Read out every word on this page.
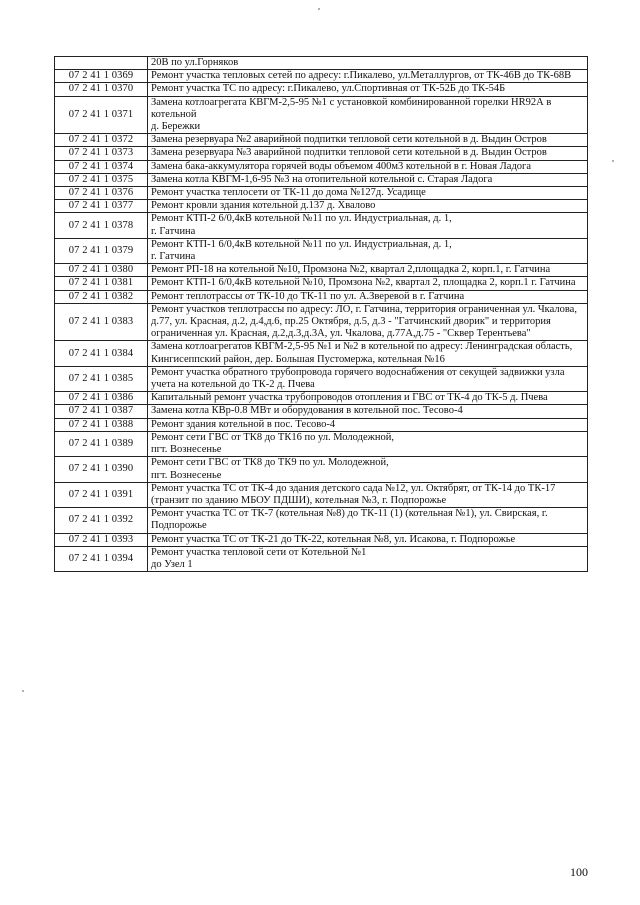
	20В по ул.Горняков
07 2 41 1 0369	Ремонт участка тепловых сетей по адресу: г.Пикалево, ул.Металлургов, от ТК-46В до ТК-68В
07 2 41 1 0370	Ремонт участка ТС по адресу: г.Пикалево, ул.Спортивная от ТК-52Б до ТК-54Б
07 2 41 1 0371	Замена котлоагрегата КВГМ-2,5-95 №1 с установкой комбинированной горелки HR92А в котельной
д. Бережки
07 2 41 1 0372	Замена резервуара №2 аварийной подпитки тепловой сети котельной в д. Выдин Остров
07 2 41 1 0373	Замена резервуара №3 аварийной подпитки тепловой сети котельной в д. Выдин Остров
07 2 41 1 0374	Замена бака-аккумулятора горячей воды объемом 400м3 котельной в г. Новая Ладога
07 2 41 1 0375	Замена котла КВГМ-1,6-95 №3 на отопительной котельной с. Старая Ладога
07 2 41 1 0376	Ремонт участка теплосети от ТК-11 до дома №127д. Усадище
07 2 41 1 0377	Ремонт кровли здания котельной д.137 д. Хвалово
07 2 41 1 0378	Ремонт КТП-2 6/0,4кВ котельной №11 по ул. Индустриальная, д. 1,
г. Гатчина
07 2 41 1 0379	Ремонт КТП-1 6/0,4кВ котельной №11 по ул. Индустриальная, д. 1,
г. Гатчина
07 2 41 1 0380	Ремонт РП-18 на котельной №10, Промзона №2, квартал 2,площадка 2, корп.1, г. Гатчина
07 2 41 1 0381	Ремонт КТП-1 6/0,4кВ котельной №10, Промзона №2, квартал 2, площадка 2, корп.1 г. Гатчина
07 2 41 1 0382	Ремонт теплотрассы от ТК-10 до ТК-11 по ул. А.Зверевой в г. Гатчина
07 2 41 1 0383	Ремонт участков теплотрассы по адресу: ЛО, г. Гатчина, территория ограниченная ул. Чкалова, д.77, ул. Красная, д.2, д.4,д.6, пр.25 Октября, д.5, д.3 - "Гатчинский дворик" и территория ограниченная ул. Красная, д.2,д.3,д.3А, ул. Чкалова, д.77А,д.75 - "Сквер Терентьева"
07 2 41 1 0384	Замена котлоагрегатов КВГМ-2,5-95 №1 и №2 в котельной по адресу: Ленинградская область, Кингисеппский район, дер. Большая Пустомержа, котельная №16
07 2 41 1 0385	Ремонт участка обратного трубопровода горячего водоснабжения от секущей задвижки узла учета на котельной до ТК-2 д. Пчева
07 2 41 1 0386	Капитальный ремонт участка трубопроводов отопления и ГВС от ТК-4 до ТК-5 д. Пчева
07 2 41 1 0387	Замена котла КВр-0.8 МВт и оборудования в котельной пос. Тесово-4
07 2 41 1 0388	Ремонт здания котельной в пос. Тесово-4
07 2 41 1 0389	Ремонт сети ГВС от ТК8 до ТК16 по ул. Молодежной,
пгт. Вознесенье
07 2 41 1 0390	Ремонт сети ГВС от ТК8 до ТК9 по ул. Молодежной,
пгт. Вознесенье
07 2 41 1 0391	Ремонт участка ТС от ТК-4 до здания детского сада №12, ул. Октябрят, от ТК-14 до ТК-17 (транзит по зданию МБОУ ПДШИ), котельная №3, г. Подпорожье
07 2 41 1 0392	Ремонт участка ТС от ТК-7 (котельная №8) до ТК-11 (1) (котельная №1), ул. Свирская, г. Подпорожье
07 2 41 1 0393	Ремонт участка ТС от ТК-21 до ТК-22, котельная №8, ул. Исакова, г. Подпорожье
07 2 41 1 0394	Ремонт участка тепловой сети от Котельной №1
до Узел 1
100
